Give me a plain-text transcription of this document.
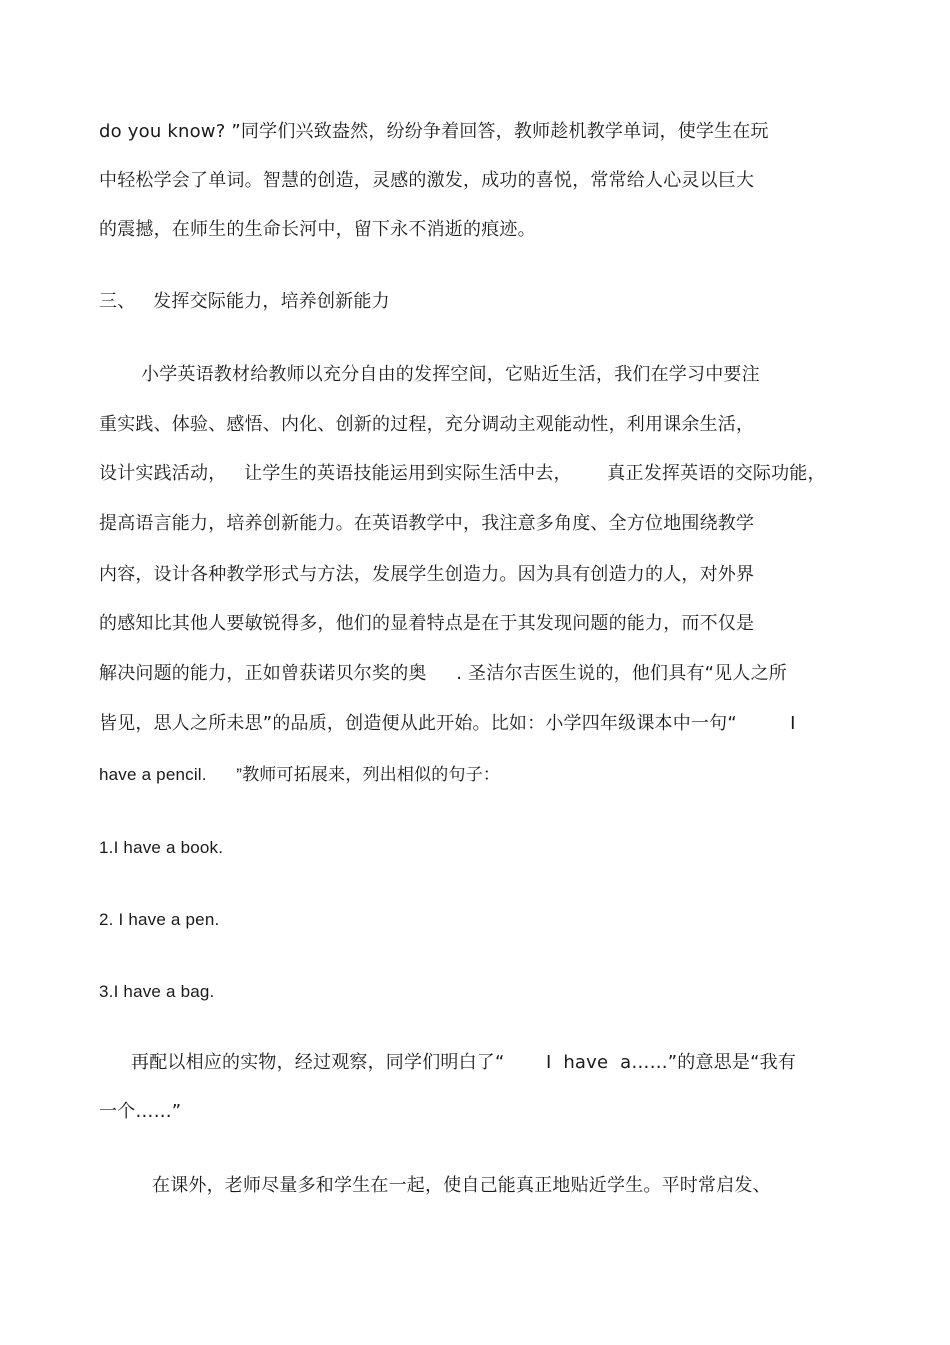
do you know? ”同学们兴致盎然，纷纷争着回答，教师趁机教学单词，使学生在玩
中轻松学会了单词。智慧的创造，灵感的激发，成功的喜悦，常常给人心灵以巨大
的震撼，在师生的生命长河中，留下永不消逝的痕迹。
三、   发挥交际能力，培养创新能力
小学英语教材给教师以充分自由的发挥空间，它贴近生活，我们在学习中要注
重实践、体验、感悟、内化、创新的过程，充分调动主观能动性，利用课余生活，
设计实践活动，   让学生的英语技能运用到实际生活中去，      真正发挥英语的交际功能，
提高语言能力，培养创新能力。在英语教学中，我注意多角度、全方位地围绕教学
内容，设计各种教学形式与方法，发展学生创造力。因为具有创造力的人，对外界
的感知比其他人要敏锐得多，他们的显着特点是在于其发现问题的能力，而不仅是
解决问题的能力，正如曾获诺贝尔奖的奥     . 圣洁尔吉医生说的，他们具有“见人之所
皆见，思人之所未思”的品质，创造便从此开始。比如：小学四年级课本中一句“         I
have a pencil.      ”教师可拓展来，列出相似的句子：
1.I have a book.
2. I have a pen.
3.I have a bag.
再配以相应的实物，经过观察，同学们明白了“       I  have  a……”的意思是“我有
一个……”
在课外，老师尽量多和学生在一起，使自己能真正地贴近学生。平时常启发、
